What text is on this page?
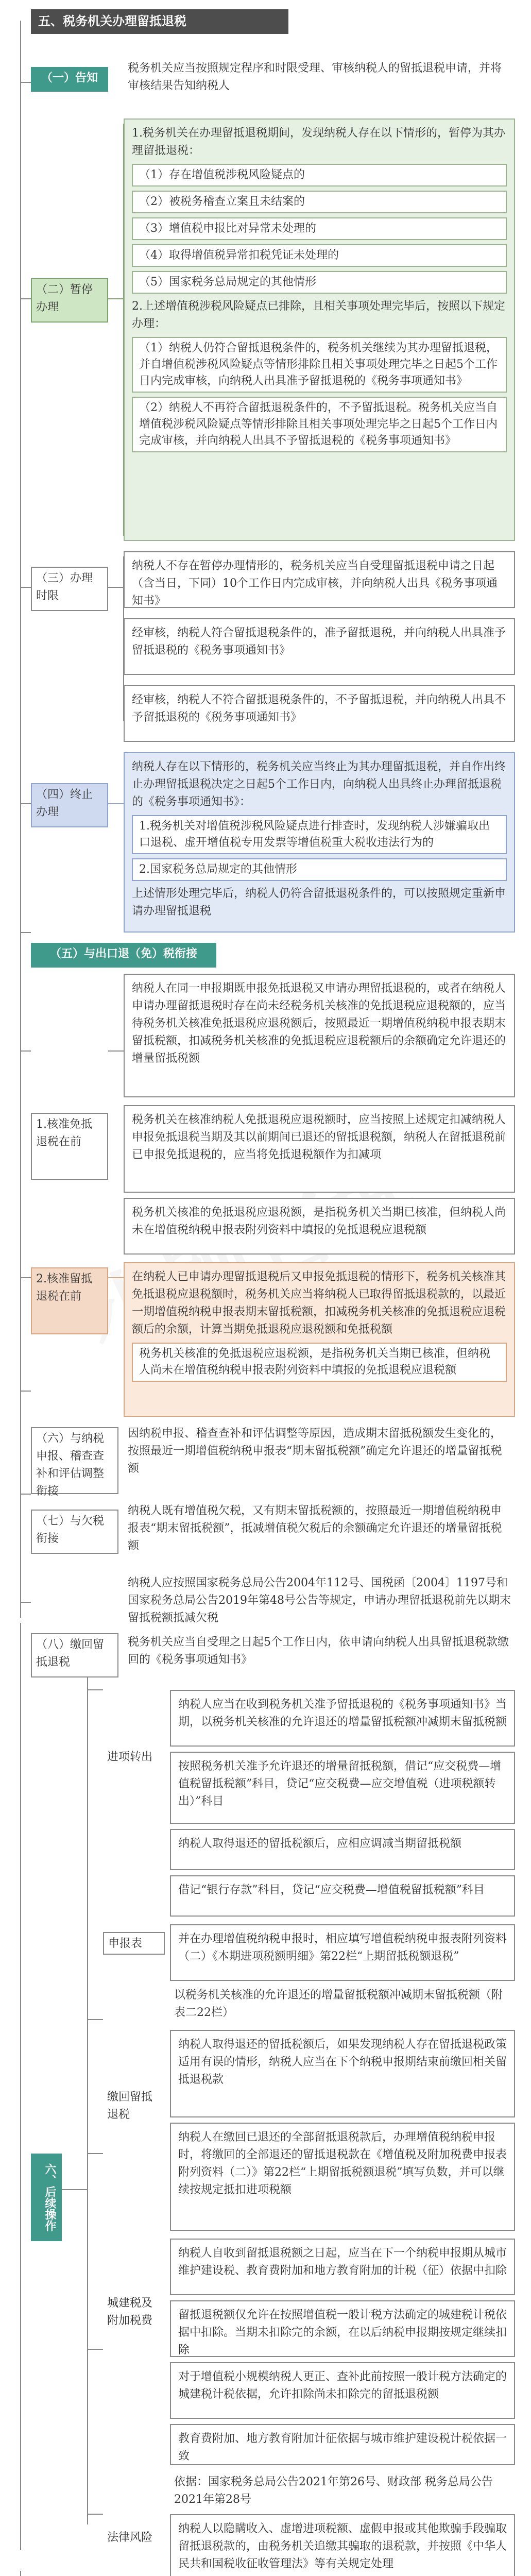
五、税务机关办理留抵退税
（一）告知
税务机关应当按照规定程序和时限受理、审核纳税人的留抵退税申请，并将审核结果告知纳税人
（二）暂停办理

1.税务机关在办理留抵退税期间，发现纳税人存在以下情形的，暂停为其办理留抵退税：

（1）存在增值税涉税风险疑点的
（2）被税务稽查立案且未结案的
（3）增值税申报比对异常未处理的
（4）取得增值税异常扣税凭证未处理的
（5）国家税务总局规定的其他情形

2.上述增值税涉税风险疑点已排除，且相关事项处理完毕后，按照以下规定办理：

（1）纳税人仍符合留抵退税条件的，税务机关继续为其办理留抵退税，并自增值税涉税风险疑点等情形排除且相关事项处理完毕之日起5个工作日内完成审核，向纳税人出具准予留抵退税的《税务事项通知书》
（2）纳税人不再符合留抵退税条件的，不予留抵退税。税务机关应当自增值税涉税风险疑点等情形排除且相关事项处理完毕之日起5个工作日内完成审核，并向纳税人出具不予留抵退税的《税务事项通知书》
（三）办理时限
纳税人不存在暂停办理情形的，税务机关应当自受理留抵退税申请之日起（含当日，下同）10个工作日内完成审核，并向纳税人出具《税务事项通知书》
经审核，纳税人符合留抵退税条件的，准予留抵退税，并向纳税人出具准予留抵退税的《税务事项通知书》
经审核，纳税人不符合留抵退税条件的，不予留抵退税，并向纳税人出具不予留抵退税的《税务事项通知书》
（四）终止办理

纳税人存在以下情形的，税务机关应当终止为其办理留抵退税，并自作出终止办理留抵退税决定之日起5个工作日内，向纳税人出具终止办理留抵退税的《税务事项通知书》：

1.税务机关对增值税涉税风险疑点进行排查时，发现纳税人涉嫌骗取出口退税、虚开增值税专用发票等增值税重大税收违法行为的
2.国家税务总局规定的其他情形

上述情形处理完毕后，纳税人仍符合留抵退税条件的，可以按照规定重新申请办理留抵退税

（五）与出口退（免）税衔接
纳税人在同一申报期既申报免抵退税又申请办理留抵退税的，或者在纳税人申请办理留抵退税时存在尚未经税务机关核准的免抵退税应退税额的，应当待税务机关核准免抵退税应退税额后，按照最近一期增值税纳税申报表期末留抵税额，扣减税务机关核准的免抵退税应退税额后的余额确定允许退还的增量留抵税额
1.核准免抵退税在前
税务机关在核准纳税人免抵退税应退税额时，应当按照上述规定扣减纳税人申报免抵退税当期及其以前期间已退还的留抵退税额，纳税人在留抵退税前已申报免抵退税的，应当将免抵退税额作为扣减项
税务机关核准的免抵退税应退税额，是指税务机关当期已核准，但纳税人尚未在增值税纳税申报表附列资料中填报的免抵退税应退税额
2.核准留抵退税在前

在纳税人已申请办理留抵退税后又申报免抵退税的情形下，税务机关核准其免抵退税应退税额时，税务机关应当将纳税人已取得留抵退税款的，以最近一期增值税纳税申报表期末留抵税额，扣减税务机关核准的免抵退税应退税额后的余额，计算当期免抵退税应退税额和免抵税额

税务机关核准的免抵退税应退税额，是指税务机关当期已核准，但纳税人尚未在增值税纳税申报表附列资料中填报的免抵退税应退税额
（六）与纳税申报、稽查查补和评估调整衔接
因纳税申报、稽查查补和评估调整等原因，造成期末留抵税额发生变化的，按照最近一期增值税纳税申报表“期末留抵税额”确定允许退还的增量留抵税额
（七）与欠税衔接
纳税人既有增值税欠税，又有期末留抵税额的，按照最近一期增值税纳税申报表“期末留抵税额”，抵减增值税欠税后的余额确定允许退还的增量留抵税额
纳税人应按照国家税务总局公告2004年112号、国税函〔2004〕1197号和国家税务总局公告2019年第48号公告等规定，申请办理留抵退税前先以期末留抵税额抵减欠税
（八）缴回留抵退税
税务机关应当自受理之日起5个工作日内，依申请向纳税人出具留抵退税款缴回的《税务事项通知书》
六、后续操作
进项转出
纳税人应当在收到税务机关准予留抵退税的《税务事项通知书》当期，以税务机关核准的允许退还的增量留抵税额冲减期末留抵税额
按照税务机关准予允许退还的增量留抵税额，借记“应交税费—增值税留抵税额”科目，贷记“应交税费—应交增值税（进项税额转出）”科目
纳税人取得退还的留抵税额后，应相应调减当期留抵税额
借记“银行存款”科目，贷记“应交税费—增值税留抵税额”科目
申报表	并在办理增值税纳税申报时，相应填写增值税纳税申报表附列资料（二）《本期进项税额明细》第22栏“上期留抵税额退税”
以税务机关核准的允许退还的增量留抵税额冲减期末留抵税额（附表二22栏）
缴回留抵退税
纳税人取得退还的留抵税额后，如果发现纳税人存在留抵退税政策适用有误的情形，纳税人应当在下个纳税申报期结束前缴回相关留抵退税款
纳税人在缴回已退还的全部留抵退税款后，办理增值税纳税申报时，将缴回的全部退还的留抵退税款在《增值税及附加税费申报表附列资料（二）》第22栏“上期留抵税额退税”填写负数，并可以继续按规定抵扣进项税额
城建税及附加税费
纳税人自收到留抵退税额之日起，应当在下一个纳税申报期从城市维护建设税、教育费附加和地方教育附加的计税（征）依据中扣除
留抵退税额仅允许在按照增值税一般计税方法确定的城建税计税依据中扣除。当期未扣除完的余额，在以后纳税申报期按规定继续扣除
对于增值税小规模纳税人更正、查补此前按照一般计税方法确定的城建税计税依据，允许扣除尚未扣除完的留抵退税额
教育费附加、地方教育附加计征依据与城市维护建设税计税依据一致
依据：国家税务总局公告2021年第26号、财政部 税务总局公告2021年第28号
法律风险
纳税人以隐瞒收入、虚增进项税额、虚假申报或其他欺骗手段骗取留抵退税款的，由税务机关追缴其骗取的退税款，并按照《中华人民共和国税收征收管理法》等有关规定处理
